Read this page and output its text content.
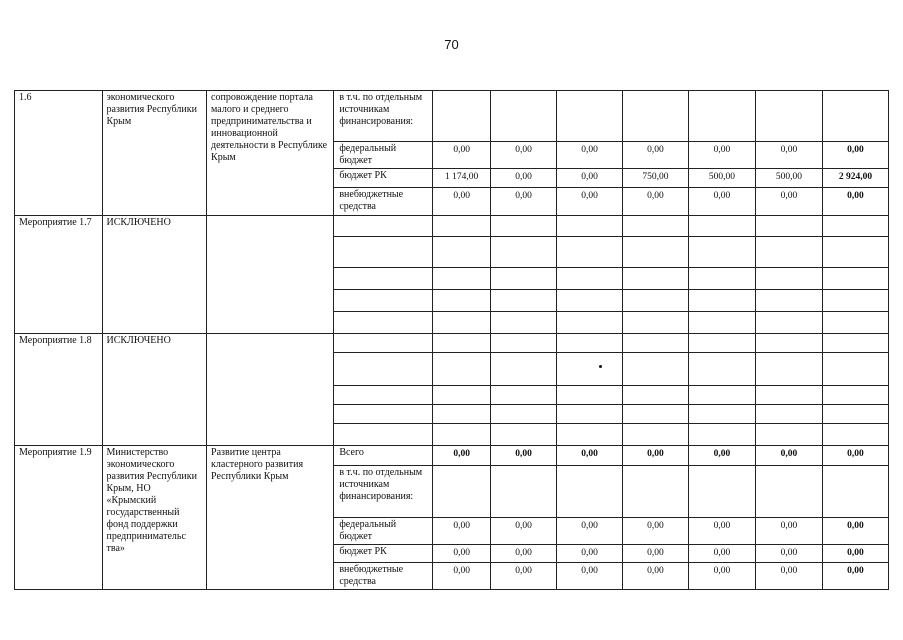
70
1.6	экономического развития Республики Крым	сопровождение портала малого и среднего предпринимательства и инновационной деятельности в Республике Крым	в т.ч. по отдельным источникам финансирования:							
			федеральный бюджет	0,00	0,00	0,00	0,00	0,00	0,00	0,00
			бюджет РК	1 174,00	0,00	0,00	750,00	500,00	500,00	2 924,00
			внебюджетные средства	0,00	0,00	0,00	0,00	0,00	0,00	0,00
Мероприятие 1.7	ИСКЛЮЧЕНО									

Мероприятие 1.8	ИСКЛЮЧЕНО									

Мероприятие 1.9	Министерство экономического развития Республики Крым, НО «Крымский государственный фонд поддержки предпринимательс тва»	Развитие центра кластерного развития Республики Крым	Всего	0,00	0,00	0,00	0,00	0,00	0,00	0,00
			в т.ч. по отдельным источникам финансирования:							
			федеральный бюджет	0,00	0,00	0,00	0,00	0,00	0,00	0,00
			бюджет РК	0,00	0,00	0,00	0,00	0,00	0,00	0,00
			внебюджетные средства	0,00	0,00	0,00	0,00	0,00	0,00	0,00
